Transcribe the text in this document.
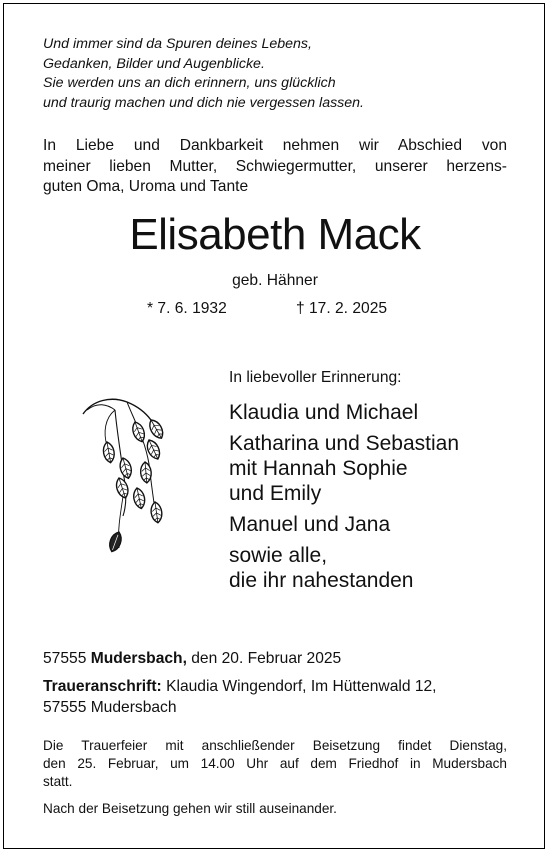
Und immer sind da Spuren deines Lebens,
Gedanken, Bilder und Augenblicke.
Sie werden uns an dich erinnern, uns glücklich
und traurig machen und dich nie vergessen lassen.
In Liebe und Dankbarkeit nehmen wir Abschied von
meiner lieben Mutter, Schwiegermutter, unserer herzens-
guten Oma, Uroma und Tante
Elisabeth Mack
geb. Hähner
* 7. 6. 1932	† 17. 2. 2025
In liebevoller Erinnerung:
Klaudia und Michael
Katharina und Sebastian
mit Hannah Sophie
und Emily
Manuel und Jana
sowie alle,
die ihr nahestanden
57555 Mudersbach, den 20. Februar 2025
Traueranschrift: Klaudia Wingendorf, Im Hüttenwald 12,
57555 Mudersbach
Die Trauerfeier mit anschließender Beisetzung findet Dienstag,
den 25. Februar, um 14.00 Uhr auf dem Friedhof in Mudersbach
statt.
Nach der Beisetzung gehen wir still auseinander.
